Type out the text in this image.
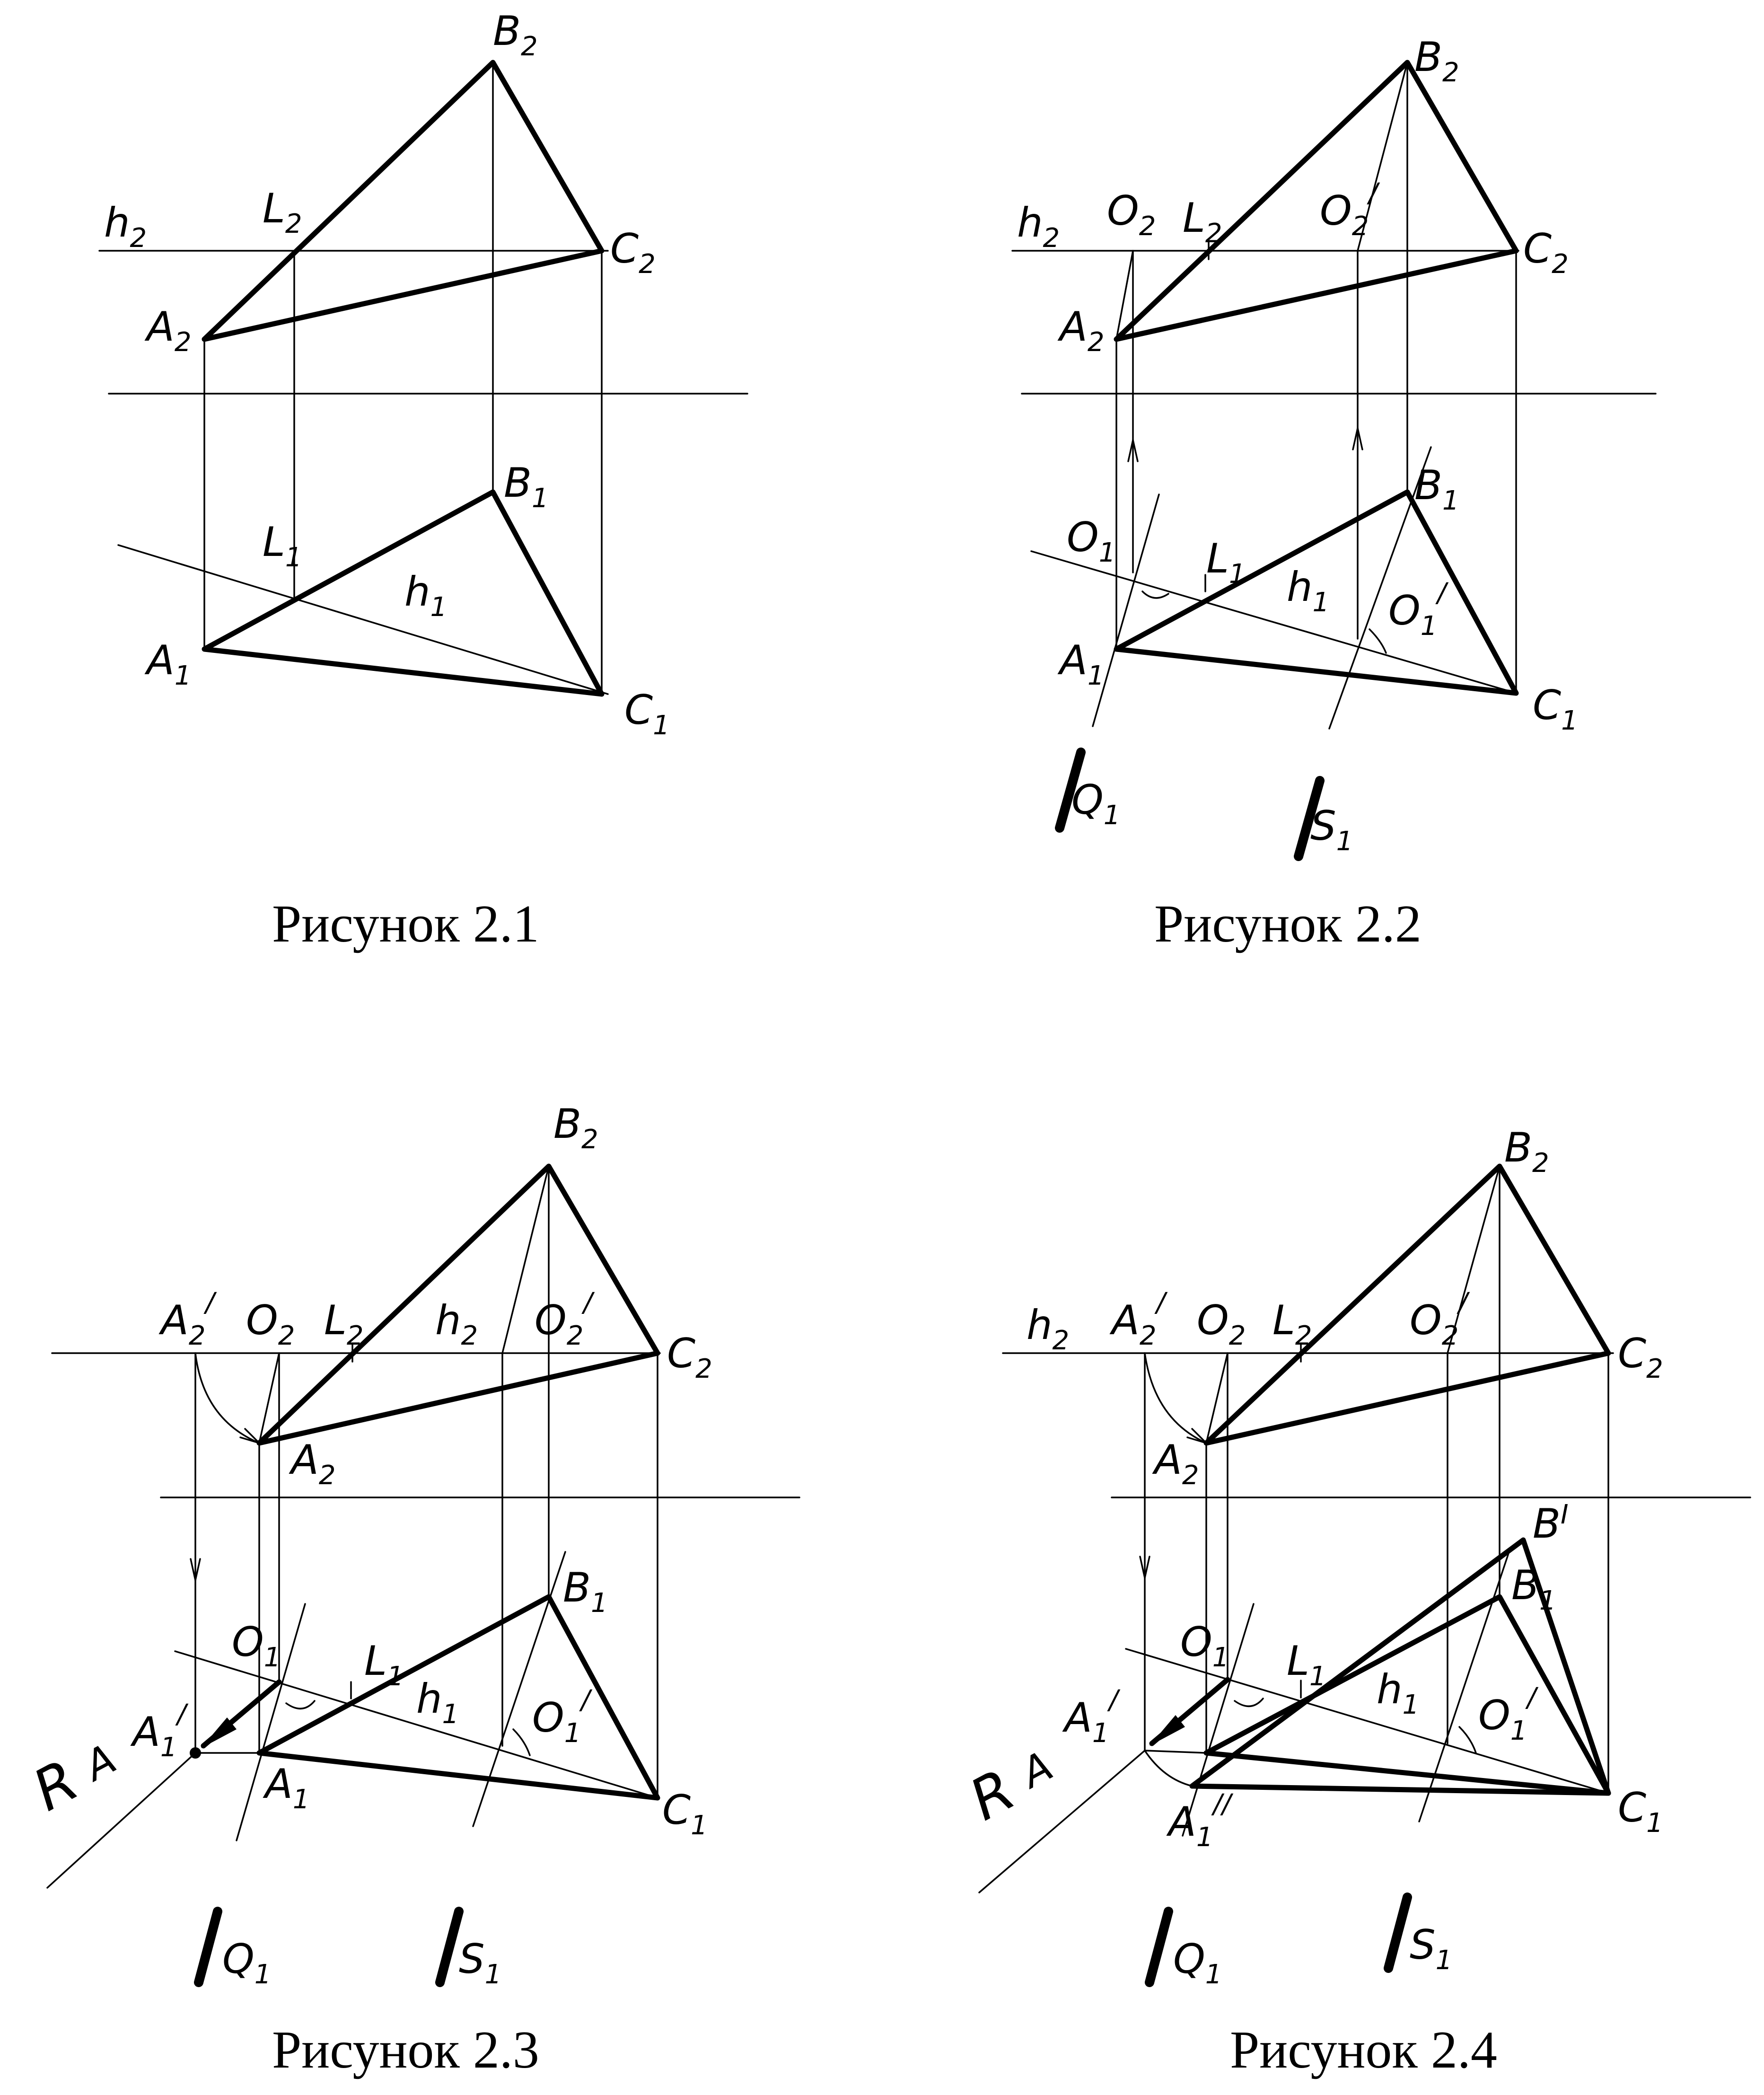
$B_2$
$h_2$
$L_2$
$C_2$
$A_2$
$B_1$
$L_1$
$h_1$
$A_1$
$C_1$
Рисунок 2.1
$B_2$
$h_2$
$O_2$ $L_2$ $O_2^/$
$C_2$
$A_2$
$B_1$
$O_1$ $L_1$ $h_1$ $O_1^/$
$A_1$
$C_1$
$Q_1$	$S_1$
Рисунок 2.2
$B_2$
$A_2^/$ $O_2$ $L_2$ $h_2$ $O_2^/$
$C_2$
$A_2$
$B_1$
$O_1$ $L_1$ $h_1$ $O_1^/$
R
A
$A_1^/$
$A_1$	$C_1$
$Q_1$	$S_1$
Рисунок 2.3
$B_2$
$h_2$ $A_2^/$ $O_2$ $L_2$ $O_2^/$
$C_2$
$A_2$
$B^I$
$B_1$
$O_1$ $L_1$ $h_1$ $O_1^/$
R
A
$A_1^/$
$A_1^{//}$	$C_1$
$Q_1$
$S_1$
Рисунок 2.4
